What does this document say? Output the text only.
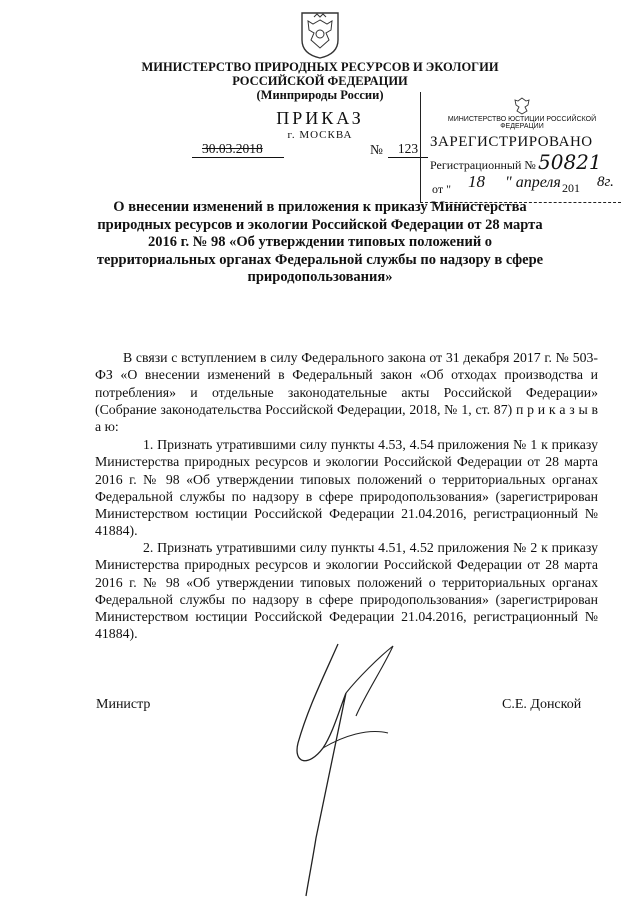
МИНИСТЕРСТВО ПРИРОДНЫХ РЕСУРСОВ И ЭКОЛОГИИ
РОССИЙСКОЙ ФЕДЕРАЦИИ
(Минприроды России)
ПРИКАЗ
г. МОСКВА
30.03.2018	№	123
МИНИСТЕРСТВО ЮСТИЦИИ РОССИЙСКОЙ ФЕДЕРАЦИИ
ЗАРЕГИСТРИРОВАНО
Регистрационный № 50821
от " 18 " апреля 201 8г.
О внесении изменений в приложения к приказу Министерства природных ресурсов и экологии Российской Федерации от 28 марта 2016 г. № 98 «Об утверждении типовых положений о территориальных органах Федеральной службы по надзору в сфере природопользования»
В связи с вступлением в силу Федерального закона от 31 декабря 2017 г. № 503-ФЗ «О внесении изменений в Федеральный закон «Об отходах производства и потребления» и отдельные законодательные акты Российской Федерации» (Собрание законодательства Российской Федерации, 2018, № 1, ст. 87) п р и к а з ы в а ю:
1. Признать утратившими силу пункты 4.53, 4.54 приложения № 1 к приказу Министерства природных ресурсов и экологии Российской Федерации от 28 марта 2016 г. № 98 «Об утверждении типовых положений о территориальных органах Федеральной службы по надзору в сфере природопользования» (зарегистрирован Министерством юстиции Российской Федерации 21.04.2016, регистрационный № 41884).
2. Признать утратившими силу пункты 4.51, 4.52 приложения № 2 к приказу Министерства природных ресурсов и экологии Российской Федерации от 28 марта 2016 г. № 98 «Об утверждении типовых положений о территориальных органах Федеральной службы по надзору в сфере природопользования» (зарегистрирован Министерством юстиции Российской Федерации 21.04.2016, регистрационный № 41884).
Министр	С.Е. Донской
